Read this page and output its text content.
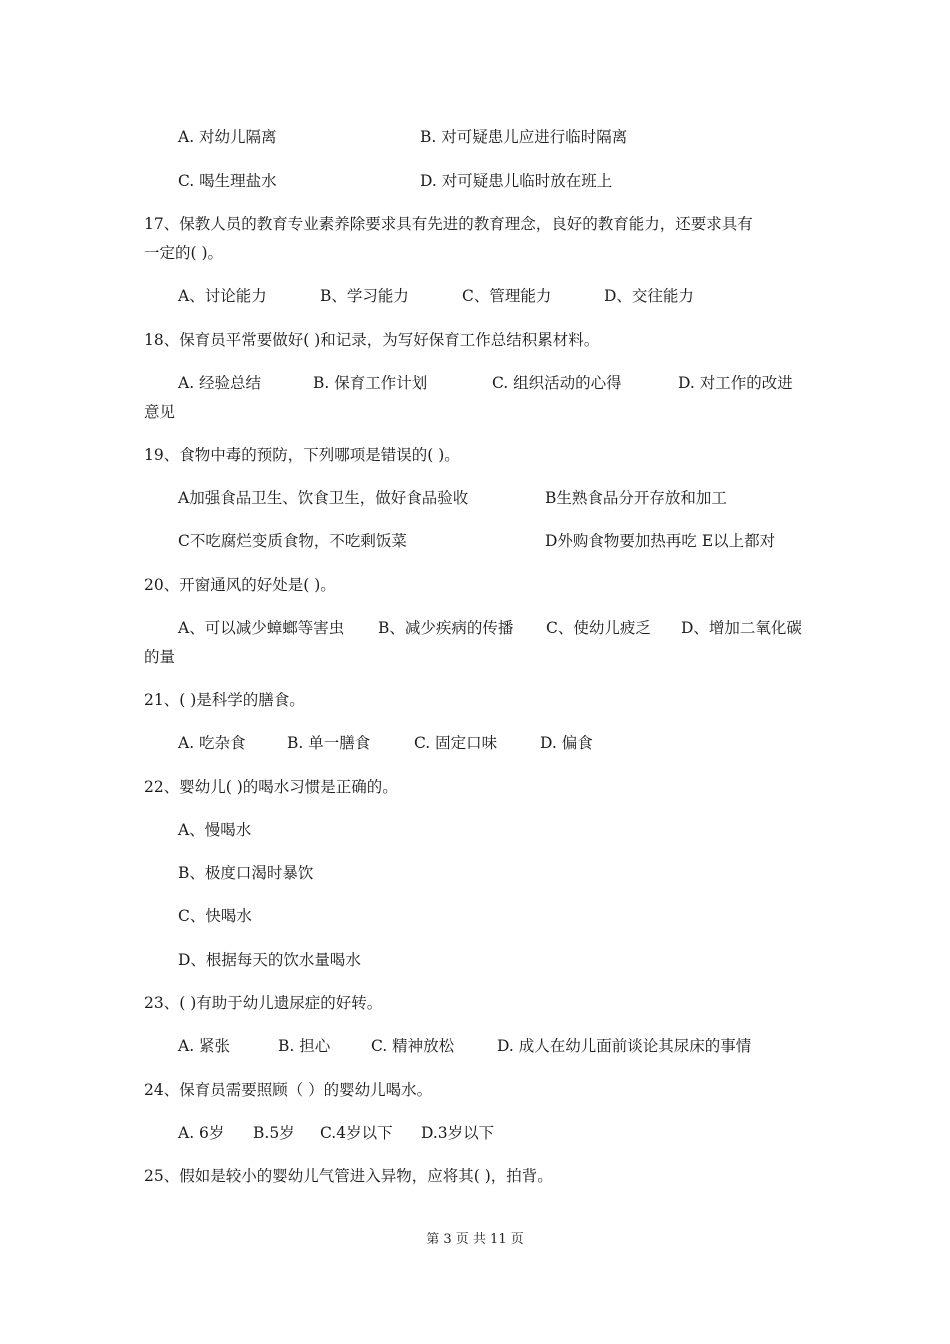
A. 对幼儿隔离	B. 对可疑患儿应进行临时隔离
C. 喝生理盐水	D. 对可疑患儿临时放在班上
17、保教人员的教育专业素养除要求具有先进的教育理念，良好的教育能力，还要求具有
一定的( )。
A、讨论能力	B、学习能力	C、管理能力	D、交往能力
18、保育员平常要做好( )和记录，为写好保育工作总结积累材料。
A. 经验总结	B. 保育工作计划	C. 组织活动的心得	D. 对工作的改进
意见
19、食物中毒的预防，下列哪项是错误的( )。
A加强食品卫生、饮食卫生，做好食品验收	B生熟食品分开存放和加工
C不吃腐烂变质食物，不吃剩饭菜	D外购食物要加热再吃 E以上都对
20、开窗通风的好处是( )。
A、可以减少蟑螂等害虫 B、减少疾病的传播 C、使幼儿疲乏 D、增加二氧化碳
的量
21、( )是科学的膳食。
A. 吃杂食	B. 单一膳食	C. 固定口味	D. 偏食
22、婴幼儿( )的喝水习惯是正确的。
A、慢喝水
B、极度口渴时暴饮
C、快喝水
D、根据每天的饮水量喝水
23、( )有助于幼儿遗尿症的好转。
A. 紧张	B. 担心	C. 精神放松	D. 成人在幼儿面前谈论其尿床的事情
24、保育员需要照顾（ ）的婴幼儿喝水。
A. 6岁 B.5岁 C.4岁以下 D.3岁以下
25、假如是较小的婴幼儿气管进入异物，应将其( )，拍背。
第 3 页 共 11 页
